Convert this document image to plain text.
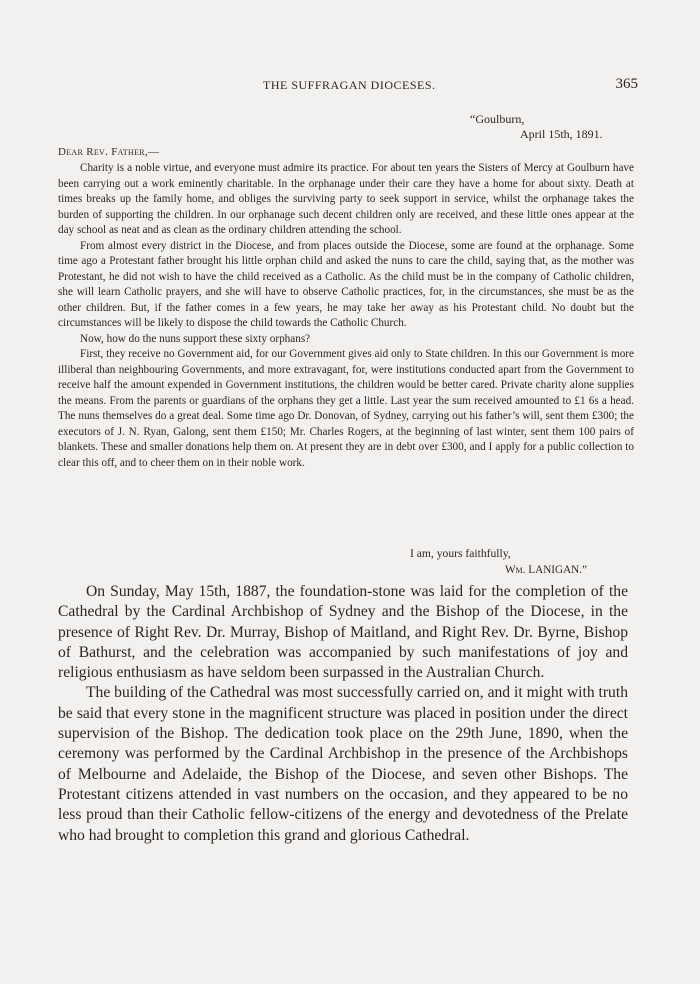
THE SUFFRAGAN DIOCESES.	365
“Goulburn,
April 15th, 1891.
Dear Rev. Father,—

Charity is a noble virtue, and everyone must admire its practice. For about ten years the Sisters of Mercy at Goulburn have been carrying out a work eminently charitable. In the orphanage under their care they have a home for about sixty. Death at times breaks up the family home, and obliges the surviving party to seek support in service, whilst the orphanage takes the burden of supporting the children. In our orphanage such decent children only are received, and these little ones appear at the day school as neat and as clean as the ordinary children attending the school.

From almost every district in the Diocese, and from places outside the Diocese, some are found at the orphanage. Some time ago a Protestant father brought his little orphan child and asked the nuns to care the child, saying that, as the mother was Protestant, he did not wish to have the child received as a Catholic. As the child must be in the company of Catholic children, she will learn Catholic prayers, and she will have to observe Catholic practices, for, in the circumstances, she must be as the other children. But, if the father comes in a few years, he may take her away as his Protestant child. No doubt but the circumstances will be likely to dispose the child towards the Catholic Church.

Now, how do the nuns support these sixty orphans?

First, they receive no Government aid, for our Government gives aid only to State children. In this our Government is more illiberal than neighbouring Governments, and more extravagant, for, were institutions conducted apart from the Government to receive half the amount expended in Government institutions, the children would be better cared. Private charity alone supplies the means. From the parents or guardians of the orphans they get a little. Last year the sum received amounted to £1 6s a head. The nuns themselves do a great deal. Some time ago Dr. Donovan, of Sydney, carrying out his father’s will, sent them £300; the executors of J. N. Ryan, Galong, sent them £150; Mr. Charles Rogers, at the beginning of last winter, sent them 100 pairs of blankets. These and smaller donations help them on. At present they are in debt over £300, and I apply for a public collection to clear this off, and to cheer them on in their noble work.

I am, yours faithfully,
Wm. LANIGAN.”

On Sunday, May 15th, 1887, the foundation-stone was laid for the completion of the Cathedral by the Cardinal Archbishop of Sydney and the Bishop of the Diocese, in the presence of Right Rev. Dr. Murray, Bishop of Maitland, and Right Rev. Dr. Byrne, Bishop of Bathurst, and the celebration was accompanied by such manifestations of joy and religious enthusiasm as have seldom been surpassed in the Australian Church.

The building of the Cathedral was most successfully carried on, and it might with truth be said that every stone in the magnificent structure was placed in position under the direct supervision of the Bishop. The dedication took place on the 29th June, 1890, when the ceremony was performed by the Cardinal Archbishop in the presence of the Archbishops of Melbourne and Adelaide, the Bishop of the Diocese, and seven other Bishops. The Protestant citizens attended in vast numbers on the occasion, and they appeared to be no less proud than their Catholic fellow-citizens of the energy and devotedness of the Prelate who had brought to completion this grand and glorious Cathedral.
